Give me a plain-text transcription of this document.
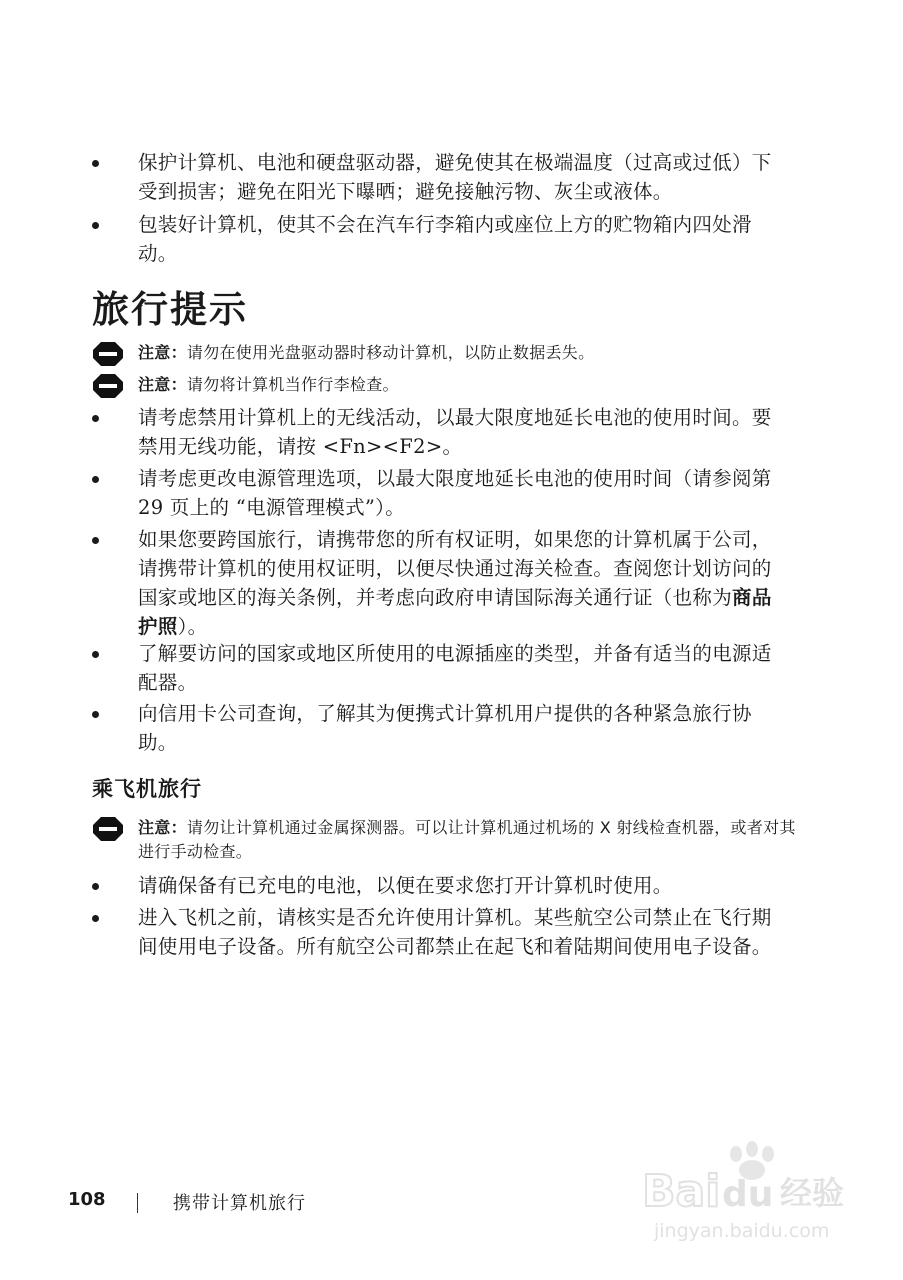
保护计算机、电池和硬盘驱动器，避免使其在极端温度（过高或过低）下受到损害；避免在阳光下曝晒；避免接触污物、灰尘或液体。
包装好计算机，使其不会在汽车行李箱内或座位上方的贮物箱内四处滑动。
旅行提示
注意：请勿在使用光盘驱动器时移动计算机，以防止数据丢失。
注意：请勿将计算机当作行李检查。
请考虑禁用计算机上的无线活动，以最大限度地延长电池的使用时间。要禁用无线功能，请按 <Fn><F2>。
请考虑更改电源管理选项，以最大限度地延长电池的使用时间（请参阅第 29 页上的 “电源管理模式”）。
如果您要跨国旅行，请携带您的所有权证明，如果您的计算机属于公司，请携带计算机的使用权证明，以便尽快通过海关检查。查阅您计划访问的国家或地区的海关条例，并考虑向政府申请国际海关通行证（也称为商品护照）。
了解要访问的国家或地区所使用的电源插座的类型，并备有适当的电源适配器。
向信用卡公司查询，了解其为便携式计算机用户提供的各种紧急旅行协助。
乘飞机旅行
注意：请勿让计算机通过金属探测器。可以让计算机通过机场的 X 射线检查机器，或者对其进行手动检查。
请确保备有已充电的电池，以便在要求您打开计算机时使用。
进入飞机之前，请核实是否允许使用计算机。某些航空公司禁止在飞行期间使用电子设备。所有航空公司都禁止在起飞和着陆期间使用电子设备。
108	携带计算机旅行	Bai du 经验
jingyan.baidu.com
